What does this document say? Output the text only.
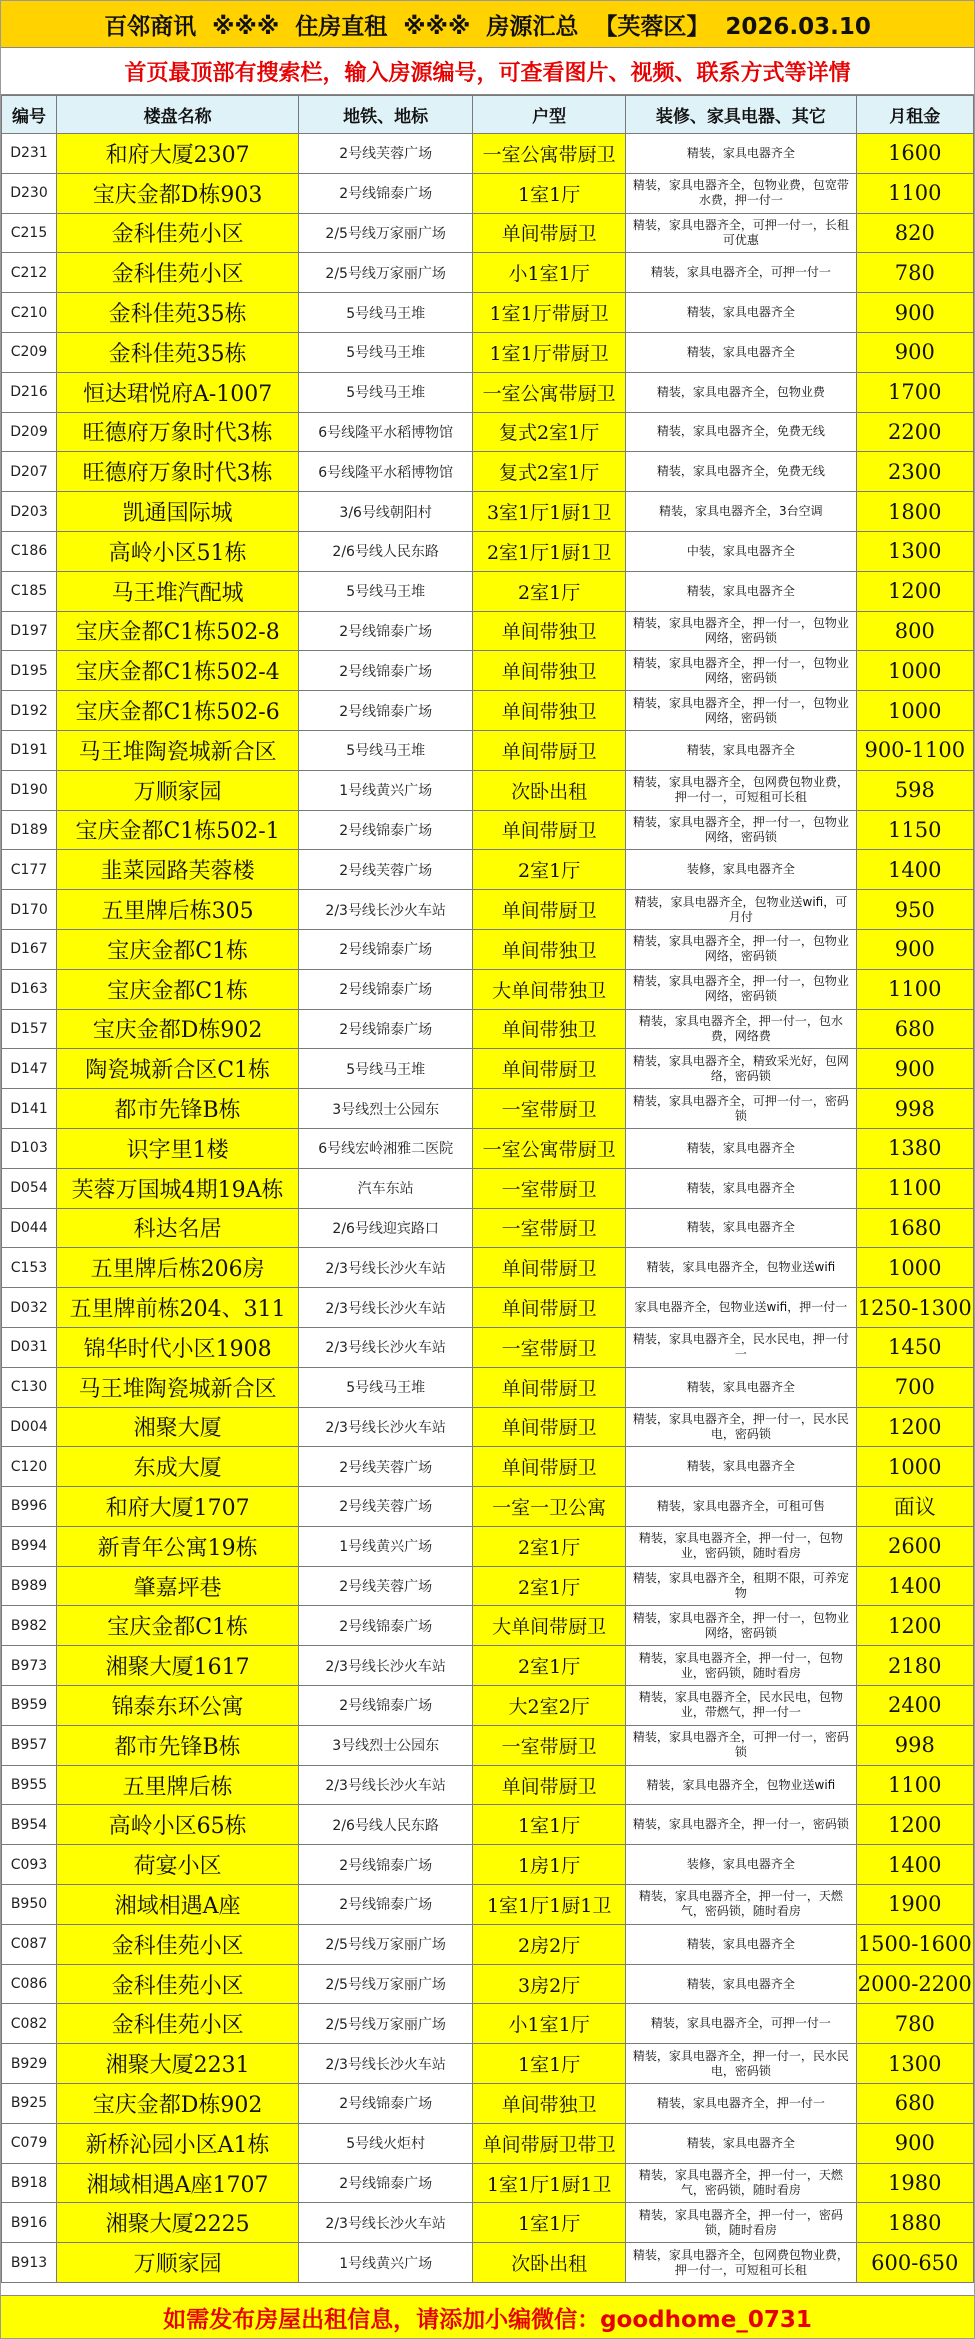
百邻商讯  ※※※  住房直租  ※※※  房源汇总  【芙蓉区】  2026.03.10
首页最顶部有搜索栏，输入房源编号，可查看图片、视频、联系方式等详情
编号	楼盘名称	地铁、地标	户型	装修、家具电器、其它	月租金
D231	和府大厦2307	2号线芙蓉广场	一室公寓带厨卫	精装，家具电器齐全	1600
D230	宝庆金都D栋903	2号线锦泰广场	1室1厅	精装，家具电器齐全，包物业费，包宽带水费，押一付一	1100
C215	金科佳苑小区	2/5号线万家丽广场	单间带厨卫	精装，家具电器齐全，可押一付一，长租可优惠	820
C212	金科佳苑小区	2/5号线万家丽广场	小1室1厅	精装，家具电器齐全，可押一付一	780
C210	金科佳苑35栋	5号线马王堆	1室1厅带厨卫	精装，家具电器齐全	900
C209	金科佳苑35栋	5号线马王堆	1室1厅带厨卫	精装，家具电器齐全	900
D216	恒达珺悦府A-1007	5号线马王堆	一室公寓带厨卫	精装，家具电器齐全，包物业费	1700
D209	旺德府万象时代3栋	6号线隆平水稻博物馆	复式2室1厅	精装，家具电器齐全，免费无线	2200
D207	旺德府万象时代3栋	6号线隆平水稻博物馆	复式2室1厅	精装，家具电器齐全，免费无线	2300
D203	凯通国际城	3/6号线朝阳村	3室1厅1厨1卫	精装，家具电器齐全，3台空调	1800
C186	高岭小区51栋	2/6号线人民东路	2室1厅1厨1卫	中装，家具电器齐全	1300
C185	马王堆汽配城	5号线马王堆	2室1厅	精装，家具电器齐全	1200
D197	宝庆金都C1栋502-8	2号线锦泰广场	单间带独卫	精装，家具电器齐全，押一付一，包物业网络，密码锁	800
D195	宝庆金都C1栋502-4	2号线锦泰广场	单间带独卫	精装，家具电器齐全，押一付一，包物业网络，密码锁	1000
D192	宝庆金都C1栋502-6	2号线锦泰广场	单间带独卫	精装，家具电器齐全，押一付一，包物业网络，密码锁	1000
D191	马王堆陶瓷城新合区	5号线马王堆	单间带厨卫	精装，家具电器齐全	900-1100
D190	万顺家园	1号线黄兴广场	次卧出租	精装，家具电器齐全，包网费包物业费，押一付一，可短租可长租	598
D189	宝庆金都C1栋502-1	2号线锦泰广场	单间带厨卫	精装，家具电器齐全，押一付一，包物业网络，密码锁	1150
C177	韭菜园路芙蓉楼	2号线芙蓉广场	2室1厅	装修，家具电器齐全	1400
D170	五里牌后栋305	2/3号线长沙火车站	单间带厨卫	精装，家具电器齐全，包物业送wifi，可月付	950
D167	宝庆金都C1栋	2号线锦泰广场	单间带独卫	精装，家具电器齐全，押一付一，包物业网络，密码锁	900
D163	宝庆金都C1栋	2号线锦泰广场	大单间带独卫	精装，家具电器齐全，押一付一，包物业网络，密码锁	1100
D157	宝庆金都D栋902	2号线锦泰广场	单间带独卫	精装，家具电器齐全，押一付一，包水费，网络费	680
D147	陶瓷城新合区C1栋	5号线马王堆	单间带厨卫	精装，家具电器齐全，精致采光好，包网络，密码锁	900
D141	都市先锋B栋	3号线烈士公园东	一室带厨卫	精装，家具电器齐全，可押一付一，密码锁	998
D103	识字里1楼	6号线宏岭湘雅二医院	一室公寓带厨卫	精装，家具电器齐全	1380
D054	芙蓉万国城4期19A栋	汽车东站	一室带厨卫	精装，家具电器齐全	1100
D044	科达名居	2/6号线迎宾路口	一室带厨卫	精装，家具电器齐全	1680
C153	五里牌后栋206房	2/3号线长沙火车站	单间带厨卫	精装，家具电器齐全，包物业送wifi	1000
D032	五里牌前栋204、311	2/3号线长沙火车站	单间带厨卫	家具电器齐全，包物业送wifi，押一付一	1250-1300
D031	锦华时代小区1908	2/3号线长沙火车站	一室带厨卫	精装，家具电器齐全，民水民电，押一付一	1450
C130	马王堆陶瓷城新合区	5号线马王堆	单间带厨卫	精装，家具电器齐全	700
D004	湘聚大厦	2/3号线长沙火车站	单间带厨卫	精装，家具电器齐全，押一付一，民水民电，密码锁	1200
C120	东成大厦	2号线芙蓉广场	单间带厨卫	精装，家具电器齐全	1000
B996	和府大厦1707	2号线芙蓉广场	一室一卫公寓	精装，家具电器齐全，可租可售	面议
B994	新青年公寓19栋	1号线黄兴广场	2室1厅	精装，家具电器齐全，押一付一，包物业，密码锁，随时看房	2600
B989	肇嘉坪巷	2号线芙蓉广场	2室1厅	精装，家具电器齐全，租期不限，可养宠物	1400
B982	宝庆金都C1栋	2号线锦泰广场	大单间带厨卫	精装，家具电器齐全，押一付一，包物业网络，密码锁	1200
B973	湘聚大厦1617	2/3号线长沙火车站	2室1厅	精装，家具电器齐全，押一付一，包物业，密码锁，随时看房	2180
B959	锦泰东环公寓	2号线锦泰广场	大2室2厅	精装，家具电器齐全，民水民电，包物业，带燃气，押一付一	2400
B957	都市先锋B栋	3号线烈士公园东	一室带厨卫	精装，家具电器齐全，可押一付一，密码锁	998
B955	五里牌后栋	2/3号线长沙火车站	单间带厨卫	精装，家具电器齐全，包物业送wifi	1100
B954	高岭小区65栋	2/6号线人民东路	1室1厅	精装，家具电器齐全，押一付一，密码锁	1200
C093	荷宴小区	2号线锦泰广场	1房1厅	装修，家具电器齐全	1400
B950	湘域相遇A座	2号线锦泰广场	1室1厅1厨1卫	精装，家具电器齐全，押一付一，天燃气，密码锁，随时看房	1900
C087	金科佳苑小区	2/5号线万家丽广场	2房2厅	精装，家具电器齐全	1500-1600
C086	金科佳苑小区	2/5号线万家丽广场	3房2厅	精装，家具电器齐全	2000-2200
C082	金科佳苑小区	2/5号线万家丽广场	小1室1厅	精装，家具电器齐全，可押一付一	780
B929	湘聚大厦2231	2/3号线长沙火车站	1室1厅	精装，家具电器齐全，押一付一，民水民电，密码锁	1300
B925	宝庆金都D栋902	2号线锦泰广场	单间带独卫	精装，家具电器齐全，押一付一	680
C079	新桥沁园小区A1栋	5号线火炬村	单间带厨卫带卫	精装，家具电器齐全	900
B918	湘域相遇A座1707	2号线锦泰广场	1室1厅1厨1卫	精装，家具电器齐全，押一付一，天燃气，密码锁，随时看房	1980
B916	湘聚大厦2225	2/3号线长沙火车站	1室1厅	精装，家具电器齐全，押一付一，密码锁，随时看房	1880
B913	万顺家园	1号线黄兴广场	次卧出租	精装，家具电器齐全，包网费包物业费，押一付一，可短租可长租	600-650
如需发布房屋出租信息，请添加小编微信：goodhome_0731
